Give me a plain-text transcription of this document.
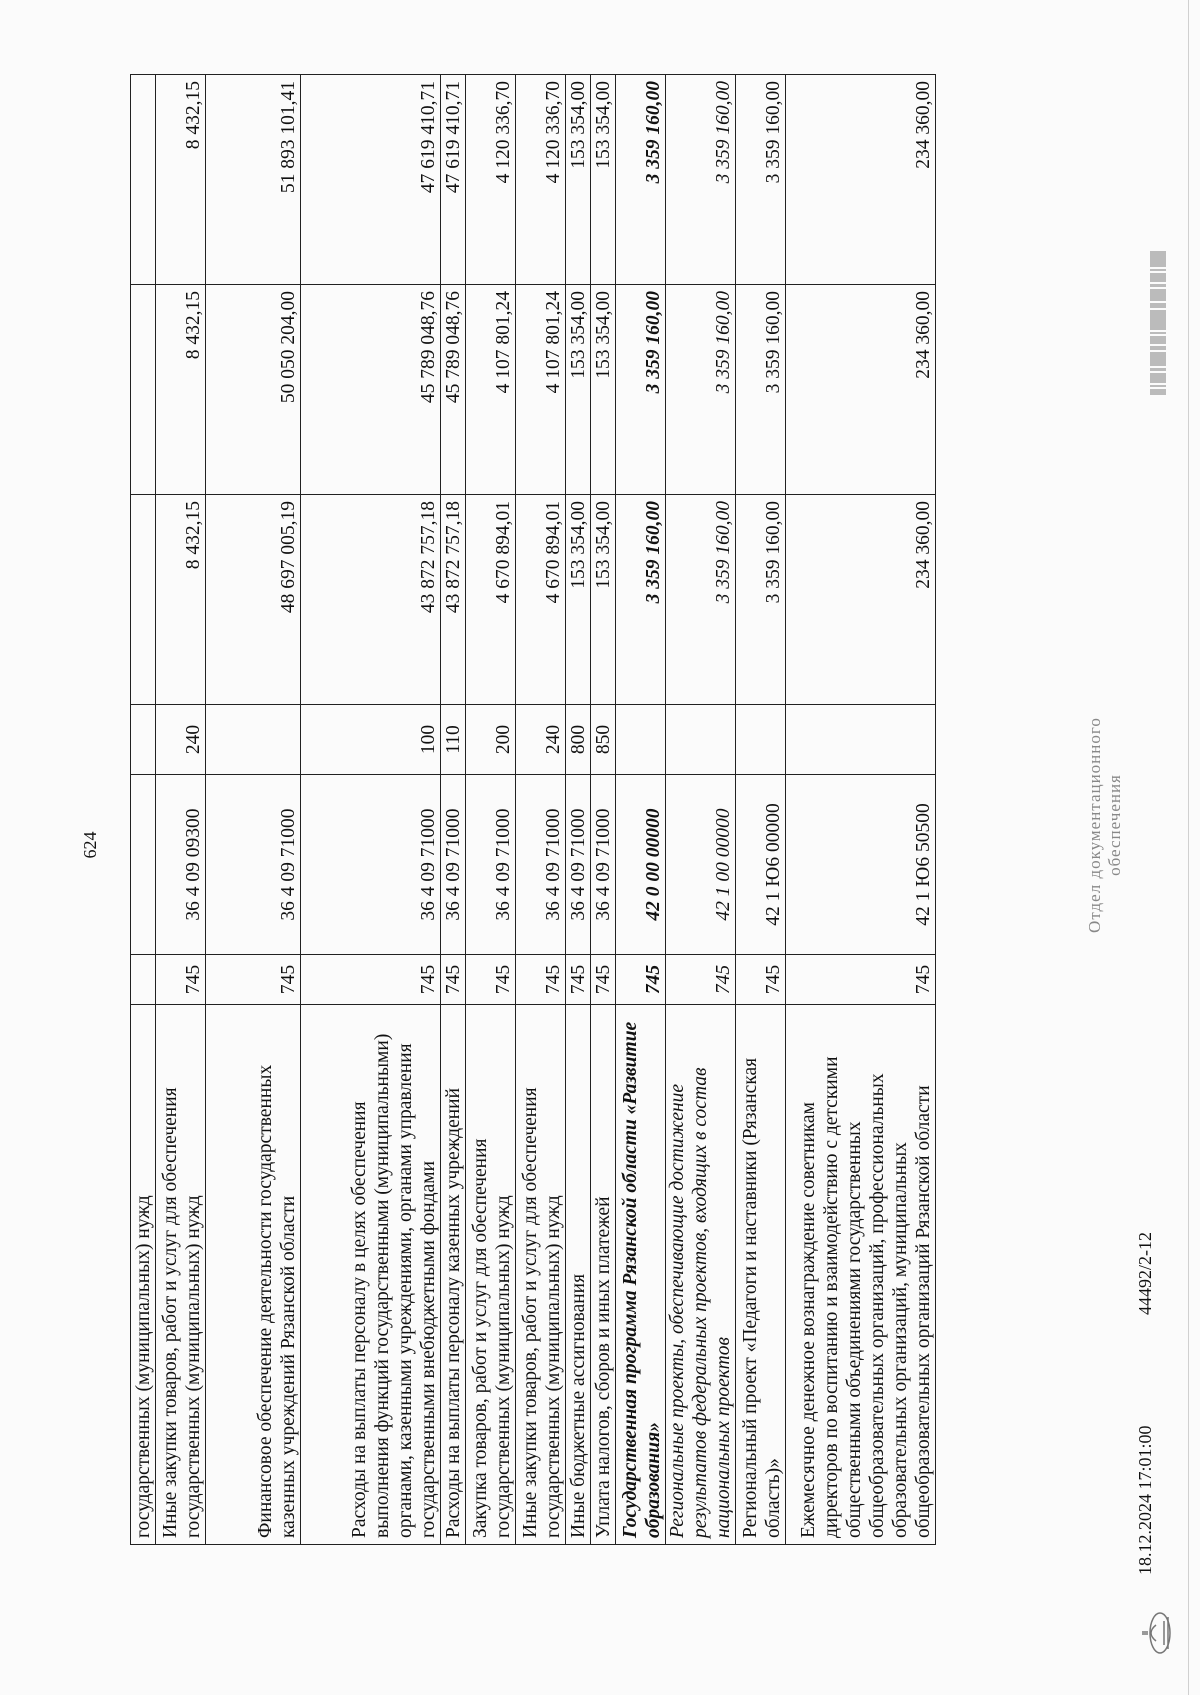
624
государственных (муниципальных) нужд						
Иные закупки товаров, работ и услуг для обеспечения государственных (муниципальных) нужд	745	36 4 09 09300	240	8 432,15	8 432,15	8 432,15
Финансовое обеспечение деятельности государственных казенных учреждений Рязанской области	745	36 4 09 71000		48 697 005,19	50 050 204,00	51 893 101,41
Расходы на выплаты персоналу в целях обеспечения выполнения функций государственными (муниципальными) органами, казенными учреждениями, органами управления государственными внебюджетными фондами	745	36 4 09 71000	100	43 872 757,18	45 789 048,76	47 619 410,71
Расходы на выплаты персоналу казенных учреждений	745	36 4 09 71000	110	43 872 757,18	45 789 048,76	47 619 410,71
Закупка товаров, работ и услуг для обеспечения государственных (муниципальных) нужд	745	36 4 09 71000	200	4 670 894,01	4 107 801,24	4 120 336,70
Иные закупки товаров, работ и услуг для обеспечения государственных (муниципальных) нужд	745	36 4 09 71000	240	4 670 894,01	4 107 801,24	4 120 336,70
Иные бюджетные ассигнования	745	36 4 09 71000	800	153 354,00	153 354,00	153 354,00
Уплата налогов, сборов и иных платежей	745	36 4 09 71000	850	153 354,00	153 354,00	153 354,00
Государственная программа Рязанской области «Развитие образования»	745	42 0 00 00000		3 359 160,00	3 359 160,00	3 359 160,00
Региональные проекты, обеспечивающие достижение результатов федеральных проектов, входящих в состав национальных проектов	745	42 1 00 00000		3 359 160,00	3 359 160,00	3 359 160,00
Региональный проект «Педагоги и наставники (Рязанская область)»	745	42 1 Ю6 00000		3 359 160,00	3 359 160,00	3 359 160,00
Ежемесячное денежное вознаграждение советникам директоров по воспитанию и взаимодействию с детскими общественными объединениями государственных общеобразовательных организаций, профессиональных образовательных организаций, муниципальных общеобразовательных организаций Рязанской области	745	42 1 Ю6 50500		234 360,00	234 360,00	234 360,00
Отдел документационного обеспечения
18.12.2024 17:01:00
44492/2-12
